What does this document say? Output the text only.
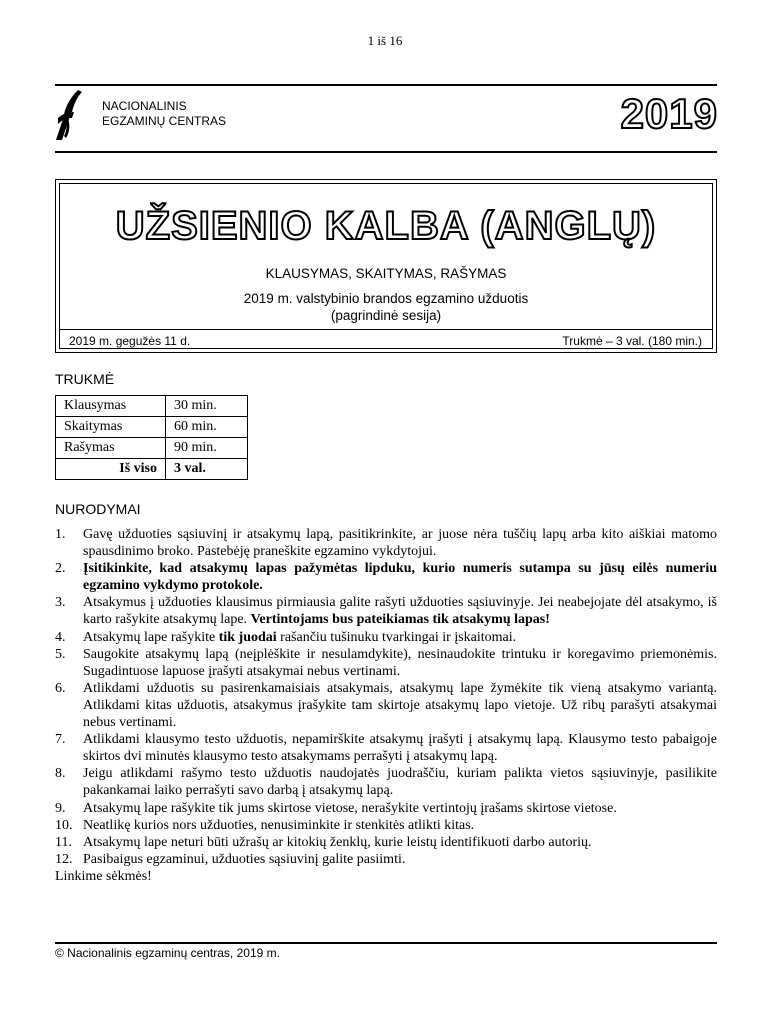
1 iš 16
NACIONALINIS
EGZAMINŲ CENTRAS	2019
UŽSIENIO KALBA (ANGLŲ)
KLAUSYMAS, SKAITYMAS, RAŠYMAS
2019 m. valstybinio brandos egzamino užduotis
(pagrindinė sesija)
2019 m. gegužės 11 d.	Trukmė – 3 val. (180 min.)
TRUKMĖ
Klausymas	30 min.
Skaitymas	60 min.
Rašymas	90 min.
Iš viso	3 val.
NURODYMAI
1. Gavę užduoties sąsiuvinį ir atsakymų lapą, pasitikrinkite, ar juose nėra tuščių lapų arba kito aiškiai matomo spausdinimo broko. Pastebėję praneškite egzamino vykdytojui.
2. Įsitikinkite, kad atsakymų lapas pažymėtas lipduku, kurio numeris sutampa su jūsų eilės numeriu egzamino vykdymo protokole.
3. Atsakymus į užduoties klausimus pirmiausia galite rašyti užduoties sąsiuvinyje. Jei neabejojate dėl atsakymo, iš karto rašykite atsakymų lape. Vertintojams bus pateikiamas tik atsakymų lapas!
4. Atsakymų lape rašykite tik juodai rašančiu tušinuku tvarkingai ir įskaitomai.
5. Saugokite atsakymų lapą (neįplėškite ir nesulamdykite), nesinaudokite trintuku ir koregavimo priemonėmis. Sugadintuose lapuose įrašyti atsakymai nebus vertinami.
6. Atlikdami užduotis su pasirenkamaisiais atsakymais, atsakymų lape žymėkite tik vieną atsakymo variantą. Atlikdami kitas užduotis, atsakymus įrašykite tam skirtoje atsakymų lapo vietoje. Už ribų parašyti atsakymai nebus vertinami.
7. Atlikdami klausymo testo užduotis, nepamirškite atsakymų įrašyti į atsakymų lapą. Klausymo testo pabaigoje skirtos dvi minutės klausymo testo atsakymams perrašyti į atsakymų lapą.
8. Jeigu atlikdami rašymo testo užduotis naudojatės juodraščiu, kuriam palikta vietos sąsiuvinyje, pasilikite pakankamai laiko perrašyti savo darbą į atsakymų lapą.
9. Atsakymų lape rašykite tik jums skirtose vietose, nerašykite vertintojų įrašams skirtose vietose.
10. Neatlikę kurios nors užduoties, nenusiminkite ir stenkitės atlikti kitas.
11. Atsakymų lape neturi būti užrašų ar kitokių ženklų, kurie leistų identifikuoti darbo autorių.
12. Pasibaigus egzaminui, užduoties sąsiuvinį galite pasiimti.
Linkime sėkmės!
© Nacionalinis egzaminų centras, 2019 m.
